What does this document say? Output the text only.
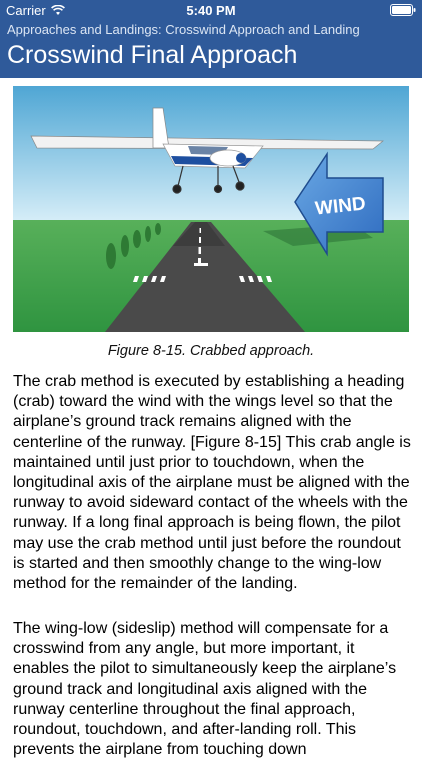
Carrier	5:40 PM
Approaches and Landings: Crosswind Approach and Landing
Crosswind Final Approach
WIND
Figure 8-15. Crabbed approach.

The crab method is executed by establishing a heading (crab) toward the wind with the wings level so that the airplane’s ground track remains aligned with the centerline of the runway. [Figure 8-15] This crab angle is maintained until just prior to touchdown, when the longitudinal axis of the airplane must be aligned with the runway to avoid sideward contact of the wheels with the runway. If a long final approach is being flown, the pilot may use the crab method until just before the roundout is started and then smoothly change to the wing-low method for the remainder of the landing.

The wing-low (sideslip) method will compensate for a crosswind from any angle, but more important, it enables the pilot to simultaneously keep the airplane’s ground track and longitudinal axis aligned with the runway centerline throughout the final approach, roundout, touchdown, and after-landing roll. This prevents the airplane from touching down
